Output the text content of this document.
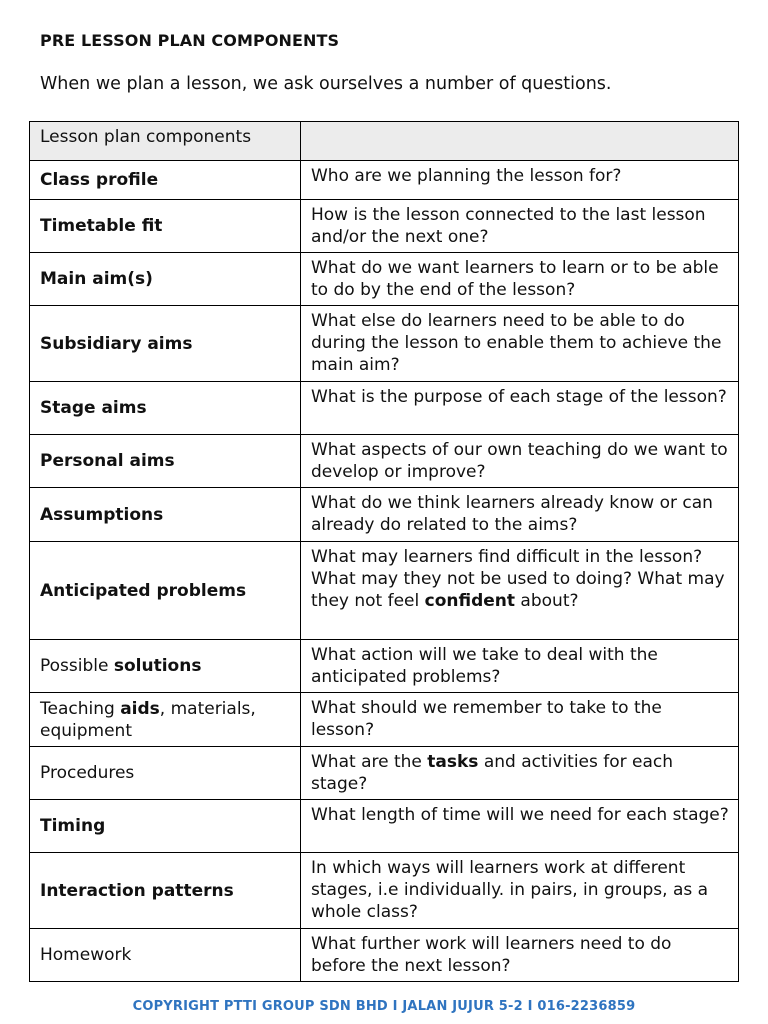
PRE LESSON PLAN COMPONENTS
When we plan a lesson, we ask ourselves a number of questions.
Lesson plan components	
Class profile	Who are we planning the lesson for?
Timetable fit	How is the lesson connected to the last lesson and/or the next one?
Main aim(s)	What do we want learners to learn or to be able to do by the end of the lesson?
Subsidiary aims	What else do learners need to be able to do during the lesson to enable them to achieve the main aim?
Stage aims	What is the purpose of each stage of the lesson?
Personal aims	What aspects of our own teaching do we want to develop or improve?
Assumptions	What do we think learners already know or can already do related to the aims?
Anticipated problems	What may learners find difficult in the lesson? What may they not be used to doing? What may they not feel confident about?
Possible solutions	What action will we take to deal with the anticipated problems?
Teaching aids, materials, equipment	What should we remember to take to the lesson?
Procedures	What are the tasks and activities for each stage?
Timing	What length of time will we need for each stage?
Interaction patterns	In which ways will learners work at different stages, i.e individually. in pairs, in groups, as a whole class?
Homework	What further work will learners need to do before the next lesson?
COPYRIGHT PTTI GROUP SDN BHD I JALAN JUJUR 5-2 I 016-2236859
